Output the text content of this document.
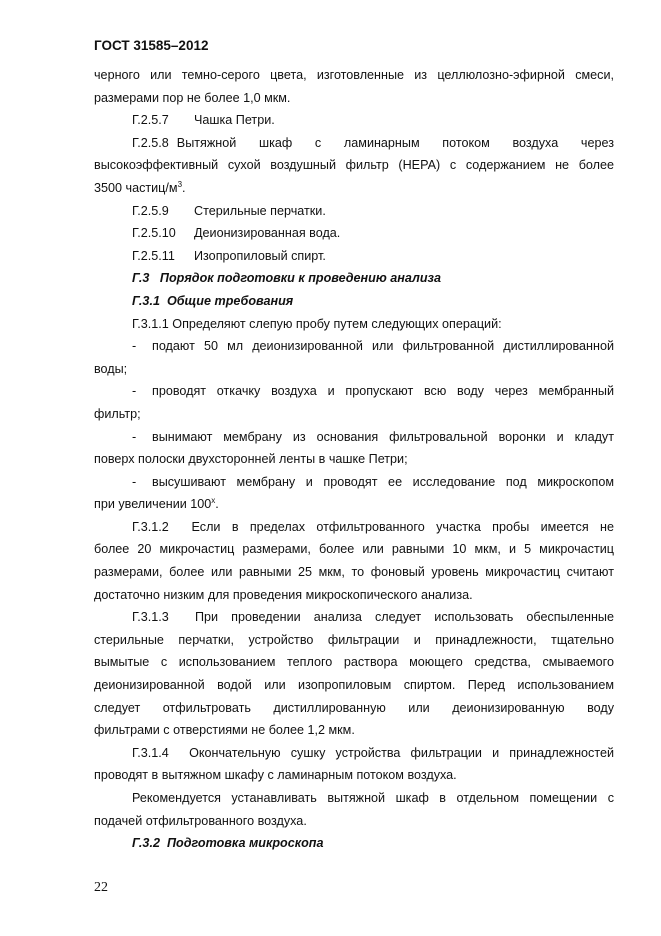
ГОСТ 31585–2012

черного или темно-серого цвета, изготовленные из целлюлозно-эфирной смеси,

размерами пор не более 1,0 мкм.

Г.2.5.7 Чашка Петри.

Г.2.5.8 Вытяжной шкаф с ламинарным потоком воздуха через

высокоэффективный сухой воздушный фильтр (НЕРА) с содержанием не более

3500 частиц/$м^3$.

Г.2.5.9 Стерильные перчатки.

Г.2.5.10 Деионизированная вода.

Г.2.5.11 Изопропиловый спирт.

Г.3   Порядок подготовки к проведению анализа

Г.3.1  Общие требования

Г.3.1.1 Определяют слепую пробу путем следующих операций:

-	подают 50 мл деионизированной или фильтрованной дистиллированной

воды;

-	проводят откачку воздуха и пропускают всю воду через мембранный

фильтр;

-	вынимают мембрану из основания фильтровальной воронки и кладут

поверх полоски двухсторонней ленты в чашке Петри;

-	высушивают мембрану и проводят ее исследование под микроскопом

при увеличении $100^х$.

Г.3.1.2  Если в пределах отфильтрованного участка пробы имеется не

более 20 микрочастиц размерами, более или равными 10 мкм, и 5 микрочастиц

размерами, более или равными 25 мкм, то фоновый уровень микрочастиц считают

достаточно низким для проведения микроскопического анализа.

Г.3.1.3  При проведении анализа следует использовать обеспыленные

стерильные перчатки, устройство фильтрации и принадлежности, тщательно

вымытые с использованием теплого раствора моющего средства, смываемого

деионизированной водой или изопропиловым спиртом. Перед использованием

следует отфильтровать дистиллированную или деионизированную воду

фильтрами с отверстиями не более 1,2 мкм.

Г.3.1.4  Окончательную сушку устройства фильтрации и принадлежностей

проводят в вытяжном шкафу с ламинарным потоком воздуха.

Рекомендуется устанавливать вытяжной шкаф в отдельном помещении с

подачей отфильтрованного воздуха.

Г.3.2  Подготовка микроскопа

22
